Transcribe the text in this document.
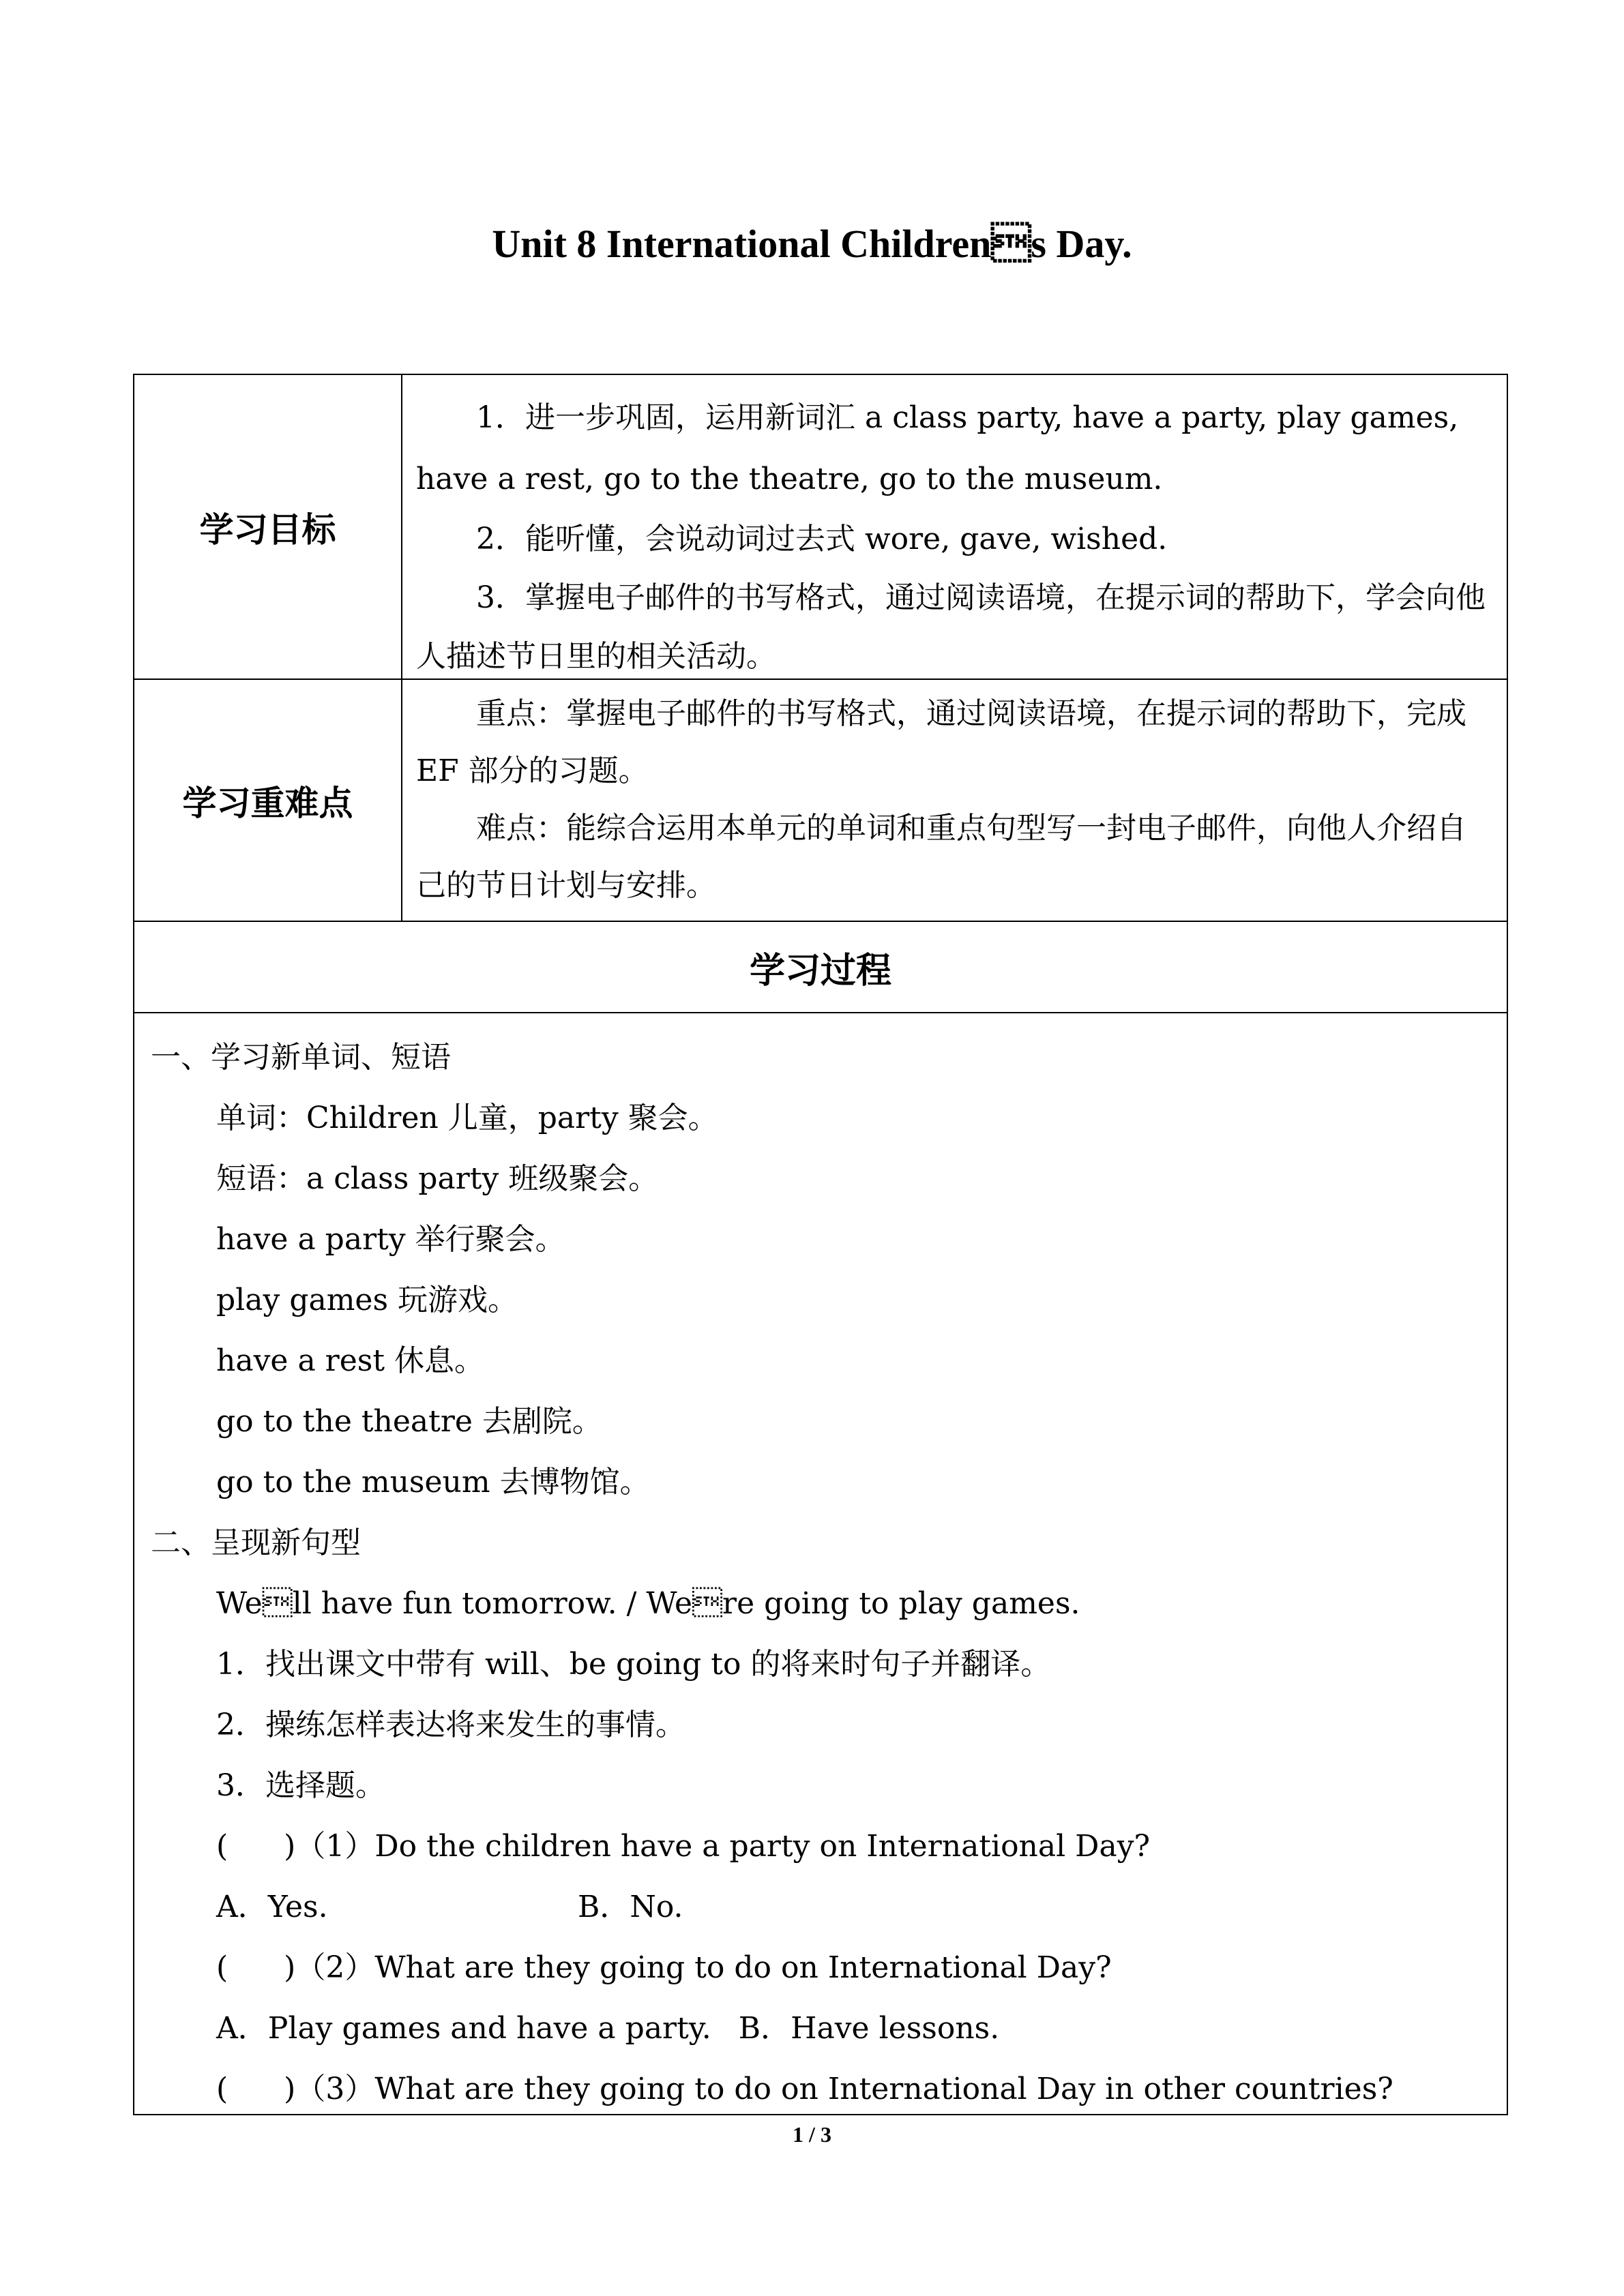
Unit 8 International Childrens Day.
学习目标

1．进一步巩固，运用新词汇 a class party, have a party, play games, have a rest, go to the theatre, go to the museum.

2．能听懂，会说动词过去式 wore, gave, wished.

3．掌握电子邮件的书写格式，通过阅读语境，在提示词的帮助下，学会向他人描述节日里的相关活动。

学习重难点

重点：掌握电子邮件的书写格式，通过阅读语境，在提示词的帮助下，完成 EF 部分的习题。

难点：能综合运用本单元的单词和重点句型写一封电子邮件，向他人介绍自己的节日计划与安排。

学习过程

一、学习新单词、短语

单词：Children 儿童，party 聚会。

短语：a class party 班级聚会。

have a party 举行聚会。

play games 玩游戏。

have a rest 休息。

go to the theatre 去剧院。

go to the museum 去博物馆。

二、呈现新句型

Well have fun tomorrow. / Were going to play games.

1．找出课文中带有 will、be going to 的将来时句子并翻译。

2．操练怎样表达将来发生的事情。

3．选择题。

( )（1）Do the children have a party on International Day?

A．Yes.	B．No.

( )（2）What are they going to do on International Day?

A．Play games and have a party. B．Have lessons.

( )（3）What are they going to do on International Day in other countries?

1 / 3
